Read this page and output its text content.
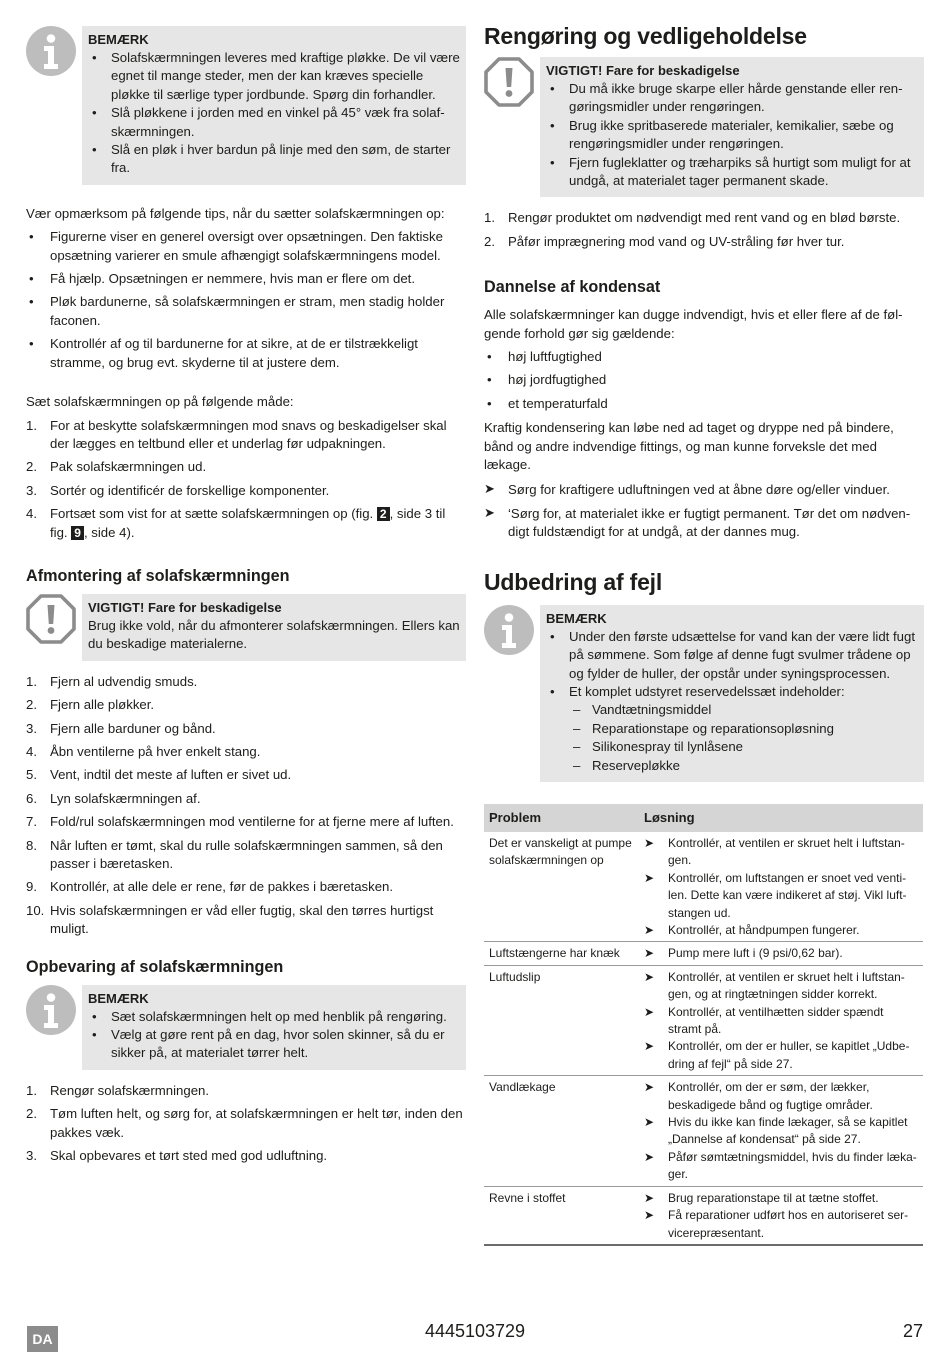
BEMÆRK
• Solafskærmningen leveres med kraftige pløkke. De vil være egnet til mange steder, men der kan kræves specielle pløkke til særlige typer jordbunde. Spørg din forhandler.
• Slå pløkkene i jorden med en vinkel på 45° væk fra solafskærmningen.
• Slå en pløk i hver bardun på linje med den søm, de starter fra.

Vær opmærksom på følgende tips, når du sætter solafskærmningen op:

• Figurerne viser en generel oversigt over opsætningen. Den faktiske opsætning varierer en smule afhængigt solafskærmningens model.
• Få hjælp. Opsætningen er nemmere, hvis man er flere om det.
• Pløk bardunerne, så solafskærmningen er stram, men stadig holder faconen.
• Kontrollér af og til bardunerne for at sikre, at de er tilstrækkeligt stramme, og brug evt. skyderne til at justere dem.

Sæt solafskærmningen op på følgende måde:

1. For at beskytte solafskærmningen mod snavs og beskadigelser skal der lægges en teltbund eller et underlag før udpakningen.
2. Pak solafskærmningen ud.
3. Sortér og identificér de forskellige komponenter.
4. Fortsæt som vist for at sætte solafskærmningen op (fig. 2 , side 3 til fig. 9 , side 4).
Afmontering af solafskærmningen
VIGTIGT! Fare for beskadigelse

Brug ikke vold, når du afmonterer solafskærmningen. Ellers kan du beskadige materialerne.

1. Fjern al udvendig smuds.
2. Fjern alle pløkker.
3. Fjern alle barduner og bånd.
4. Åbn ventilerne på hver enkelt stang.
5. Vent, indtil det meste af luften er sivet ud.
6. Lyn solafskærmningen af.
7. Fold/rul solafskærmningen mod ventilerne for at fjerne mere af luften.
8. Når luften er tømt, skal du rulle solafskærmningen sammen, så den passer i bæretasken.
9. Kontrollér, at alle dele er rene, før de pakkes i bæretasken.
10. Hvis solafskærmningen er våd eller fugtig, skal den tørres hurtigst muligt.
Opbevaring af solafskærmningen
BEMÆRK
• Sæt solafskærmningen helt op med henblik på rengøring.
• Vælg at gøre rent på en dag, hvor solen skinner, så du er sikker på, at materialet tørrer helt.
1. Rengør solafskærmningen.
2. Tøm luften helt, og sørg for, at solafskærmningen er helt tør, inden den pakkes væk.
3. Skal opbevares et tørt sted med god udluftning.
Rengøring og vedligeholdelse
VIGTIGT! Fare for beskadigelse
• Du må ikke bruge skarpe eller hårde genstande eller rengøringsmidler under rengøringen.
• Brug ikke spritbaserede materialer, kemikalier, sæbe og rengøringsmidler under rengøringen.
• Fjern fugleklatter og træharpiks så hurtigt som muligt for at undgå, at materialet tager permanent skade.
1. Rengør produktet om nødvendigt med rent vand og en blød børste.
2. Påfør imprægnering mod vand og UV-stråling før hver tur.
Dannelse af kondensat

Alle solafskærmninger kan dugge indvendigt, hvis et eller flere af de følgende forhold gør sig gældende:

• høj luftfugtighed
• høj jordfugtighed
• et temperaturfald

Kraftig kondensering kan løbe ned ad taget og dryppe ned på bindere, bånd og andre indvendige fittings, og man kunne forveksle det med lækage.

➤ Sørg for kraftigere udluftningen ved at åbne døre og/eller vinduer.
➤ ‘Sørg for, at materialet ikke er fugtigt permanent. Tør det om nødvendigt fuldstændigt for at undgå, at der dannes mug.
Udbedring af fejl
BEMÆRK
• Under den første udsættelse for vand kan der være lidt fugt på sømmene. Som følge af denne fugt svulmer trådene op og fylder de huller, der opstår under syningsprocessen.
• Et komplet udstyret reservedelssæt indeholder:
– Vandtætningsmiddel
– Reparationstape og reparationsopløsning
– Silikonespray til lynlåsene
– Reservepløkke
Problem	Løsning
Det er vanskeligt at pumpe solafskærmningen op	➤ Kontrollér, at ventilen er skruet helt i luftstangen.
➤ Kontrollér, om luftstangen er snoet ved ventilen. Dette kan være indikeret af støj. Vikl luftstangen ud.
➤ Kontrollér, at håndpumpen fungerer.

Luftstængerne har knæk	➤ Pump mere luft i (9 psi/0,62 bar).

Luftudslip	➤ Kontrollér, at ventilen er skruet helt i luftstangen, og at ringtætningen sidder korrekt.
➤ Kontrollér, at ventilhætten sidder spændt stramt på.
➤ Kontrollér, om der er huller, se kapitlet „Udbedring af fejl“ på side 27.

Vandlækage	➤ Kontrollér, om der er søm, der lækker, beskadigede bånd og fugtige områder.
➤ Hvis du ikke kan finde lækager, så se kapitlet „Dannelse af kondensat“ på side 27.
➤ Påfør sømtætningsmiddel, hvis du finder lækager.

Revne i stoffet	➤ Brug reparationstape til at tætne stoffet.
➤ Få reparationer udført hos en autoriseret servicerepræsentant.
DA	4445103729	27
